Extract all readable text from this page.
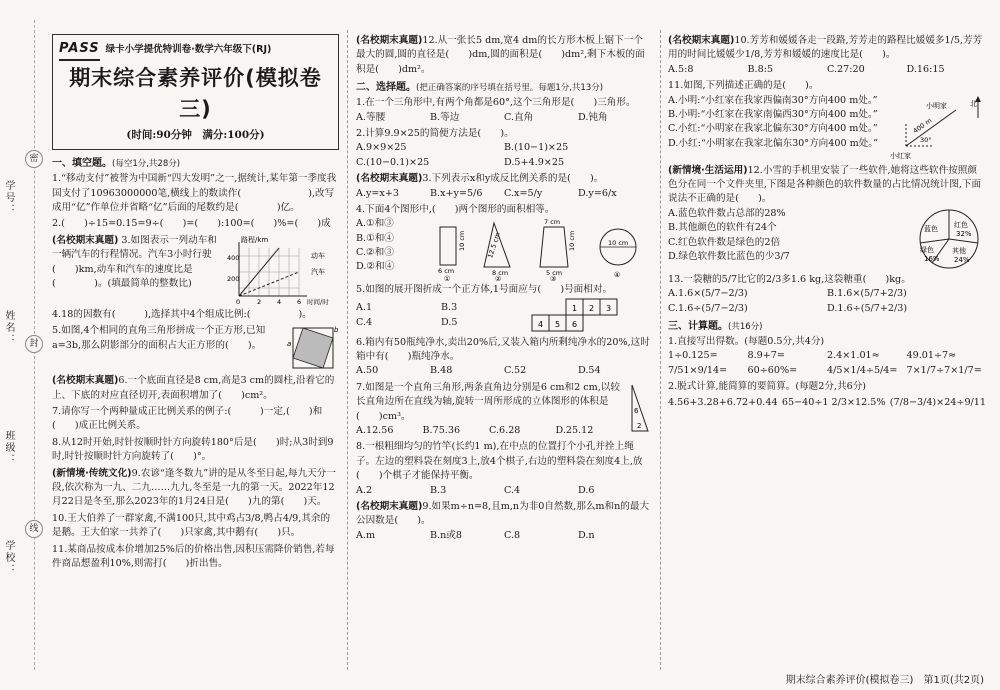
学号：
姓名：
班级：
学校：
密
封
线
PASS 绿卡小学提优特训卷·数学六年级下(RJ)
期末综合素养评价(模拟卷三)
(时间:90分钟　满分:100分)
一、填空题。(每空1分,共28分)
1.“移动支付”被誉为中国新“四大发明”之一,据统计,某年第一季度我国支付了10963000000笔,横线上的数读作(　　　　　　　),改写成用“亿”作单位并省略“亿”后面的尾数约是(　　　　)亿。
2.(　　)÷15=0.15=9÷(　　)=(　　):100=(　　)%=(　　)成
(名校期末真题) 3.如图表示一列动车和一辆汽车的行程情况。汽车3小时行驶(　　)km,动车和汽车的速度比是(　　　　)。(填最简单的整数比)
路程/km
400
200
0	2 4 6 时间/时
动车
汽车
4.18的因数有(　　　),选择其中4个组成比例:(　　　　　)。
5.如图,4个相同的直角三角形拼成一个正方形,已知a=3b,那么阴影部分的面积占大正方形的(　　)。	a
b
(名校期末真题)6.一个底面直径是8 cm,高是3 cm的圆柱,沿着它的上、下底的对应直径切开,表面积增加了(　　)cm²。
7.请你写一个两种量成正比例关系的例子:(　　　)一定,(　　)和(　　)成正比例关系。
8.从12时开始,时针按顺时针方向旋转180°后是(　　)时;从3时到9时,时针按顺时针方向旋转了(　　)°。
(新情境·传统文化)9.农谚“逢冬数九”讲的是从冬至日起,每九天分一段,依次称为一九、二九……九九,冬至是一九的第一天。2022年12月22日是冬至,那么2023年的1月24日是(　　)九的第(　　)天。
10.王大伯养了一群家禽,不满100只,其中鸡占3/8,鸭占4/9,其余的是鹅。王大伯家一共养了(　　)只家禽,其中鹅有(　　)只。
11.某商品按成本价增加25%后的价格出售,因积压需降价销售,若每件商品想盈利10%,则需打(　　)折出售。
(名校期末真题)12.从一张长5 dm,宽4 dm的长方形木板上锯下一个最大的圆,圆的直径是(　　)dm,圆的面积是(　　)dm²,剩下木板的面积是(　　)dm²。
二、选择题。(把正确答案的序号填在括号里。每题1分,共13分)
1.在一个三角形中,有两个角都是60°,这个三角形是(　　)三角形。
A.等腰	B.等边	C.直角	D.钝角
2.计算9.9×25的简便方法是(　　)。
A.9×9×25	B.(10−1)×25
C.(10−0.1)×25	D.5+4.9×25
(名校期末真题)3.下列表示x和y成反比例关系的是(　　)。
A.y=x+3	B.x+y=5/6	C.x=5/y	D.y=6/x
4.下面4个图形中,(　　)两个图形的面积相等。
A.①和③
B.①和④
C.②和③
D.②和④	6 cm
10 cm
①
12.5 cm
8 cm
②
7 cm
5 cm
③
10 cm	10 cm
④
5.如图的展开图折成一个正方体,1号面应与(　　)号面相对。
A.1	B.3
C.4	D.5
1 2 3
4 5 6
6.箱内有50瓶纯净水,卖出20%后,又装入箱内所剩纯净水的20%,这时箱中有(　　)瓶纯净水。
A.50	B.48	C.52	D.54
7.如图是一个直角三角形,两条直角边分别是6 cm和2 cm,以较长直角边所在直线为轴,旋转一周所形成的立体图形的体积是(　　)cm³。
A.12.56	B.75.36	C.6.28	D.25.12
6
2
8.一根粗细均匀的竹竿(长约1 m),在中点的位置打个小孔并拴上绳子。左边的塑料袋在刻度3上,放4个棋子,右边的塑料袋在刻度4上,放(　　)个棋子才能保持平衡。
A.2	B.3	C.4	D.6
(名校期末真题)9.如果m÷n=8,且m,n为非0自然数,那么m和n的最大公因数是(　　)。
A.m	B.n或8	C.8	D.n
(名校期末真题)10.芳芳和媛媛各走一段路,芳芳走的路程比媛媛多1/5,芳芳用的时间比媛媛少1/8,芳芳和媛媛的速度比是(　　)。
A.5:8	B.8:5	C.27:20	D.16:15
11.如图,下列描述正确的是(　　)。
A.小明:“小红家在我家西偏南30°方向400 m处。”
B.小明:“小红家在我家南偏西30°方向400 m处。”
C.小红:“小明家在我家北偏东30°方向400 m处。”
D.小红:“小明家在我家北偏东30°方向400 m处。”
北
小明家
小红家
400 m
30°
(新情境·生活运用)12.小雪的手机里安装了一些软件,她将这些软件按照颜色分在同一个文件夹里,下图是各种颜色的软件数量的占比情况统计图,下面说法不正确的是(　　)。
A.蓝色软件数占总部的28%
B.其他颜色的软件有24个
C.红色软件数是绿色的2倍
D.绿色软件数比蓝色的少3/7
红色
32%
蓝色
绿色
16%
其他
24%
13.一袋糖的5/7比它的2/3多1.6 kg,这袋糖重(　　)kg。
A.1.6×(5/7−2/3)	B.1.6×(5/7+2/3)
C.1.6÷(5/7−2/3)	D.1.6÷(5/7+2/3)
三、计算题。(共16分)
1.直接写出得数。(每题0.5分,共4分)
1÷0.125=	8.9+7=	2.4×1.01≈	49.01÷7≈
7/51×9/14=	60÷60%=	4/5×1/4÷5/4= 7×1/7÷7×1/7=
2.脱式计算,能简算的要简算。(每题2分,共6分)
4.56+3.28+6.72+0.44 65−40÷1 2/3×12.5% (7/8−3/4)×24÷9/11
期末综合素养评价(模拟卷三)　第1页(共2页)
